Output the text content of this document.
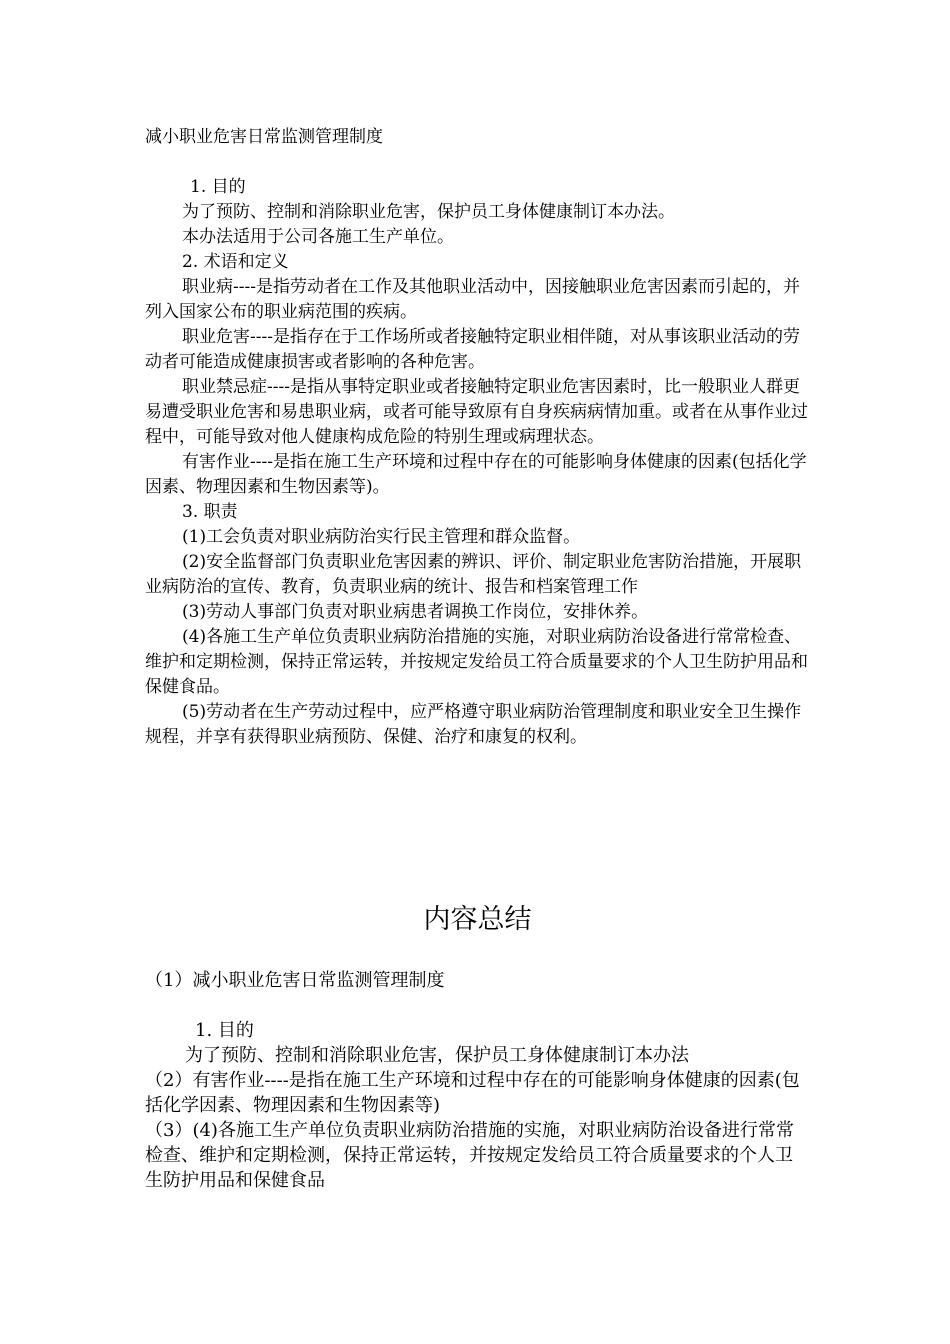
减小职业危害日常监测管理制度

1. 目的

为了预防、控制和消除职业危害，保护员工身体健康制订本办法。

本办法适用于公司各施工生产单位。

2. 术语和定义

职业病----是指劳动者在工作及其他职业活动中，因接触职业危害因素而引起的，并列入国家公布的职业病范围的疾病。

职业危害----是指存在于工作场所或者接触特定职业相伴随，对从事该职业活动的劳动者可能造成健康损害或者影响的各种危害。

职业禁忌症----是指从事特定职业或者接触特定职业危害因素时，比一般职业人群更易遭受职业危害和易患职业病，或者可能导致原有自身疾病病情加重。或者在从事作业过程中，可能导致对他人健康构成危险的特别生理或病理状态。

有害作业----是指在施工生产环境和过程中存在的可能影响身体健康的因素(包括化学因素、物理因素和生物因素等)。

3. 职责

(1)工会负责对职业病防治实行民主管理和群众监督。

(2)安全监督部门负责职业危害因素的辨识、评价、制定职业危害防治措施，开展职业病防治的宣传、教育，负责职业病的统计、报告和档案管理工作

(3)劳动人事部门负责对职业病患者调换工作岗位，安排休养。

(4)各施工生产单位负责职业病防治措施的实施，对职业病防治设备进行常常检查、维护和定期检测，保持正常运转，并按规定发给员工符合质量要求的个人卫生防护用品和保健食品。

(5)劳动者在生产劳动过程中，应严格遵守职业病防治管理制度和职业安全卫生操作规程，并享有获得职业病预防、保健、治疗和康复的权利。

内容总结

（1）减小职业危害日常监测管理制度

1. 目的

为了预防、控制和消除职业危害，保护员工身体健康制订本办法

（2）有害作业----是指在施工生产环境和过程中存在的可能影响身体健康的因素(包括化学因素、物理因素和生物因素等)

（3）(4)各施工生产单位负责职业病防治措施的实施，对职业病防治设备进行常常检查、维护和定期检测，保持正常运转，并按规定发给员工符合质量要求的个人卫生防护用品和保健食品
